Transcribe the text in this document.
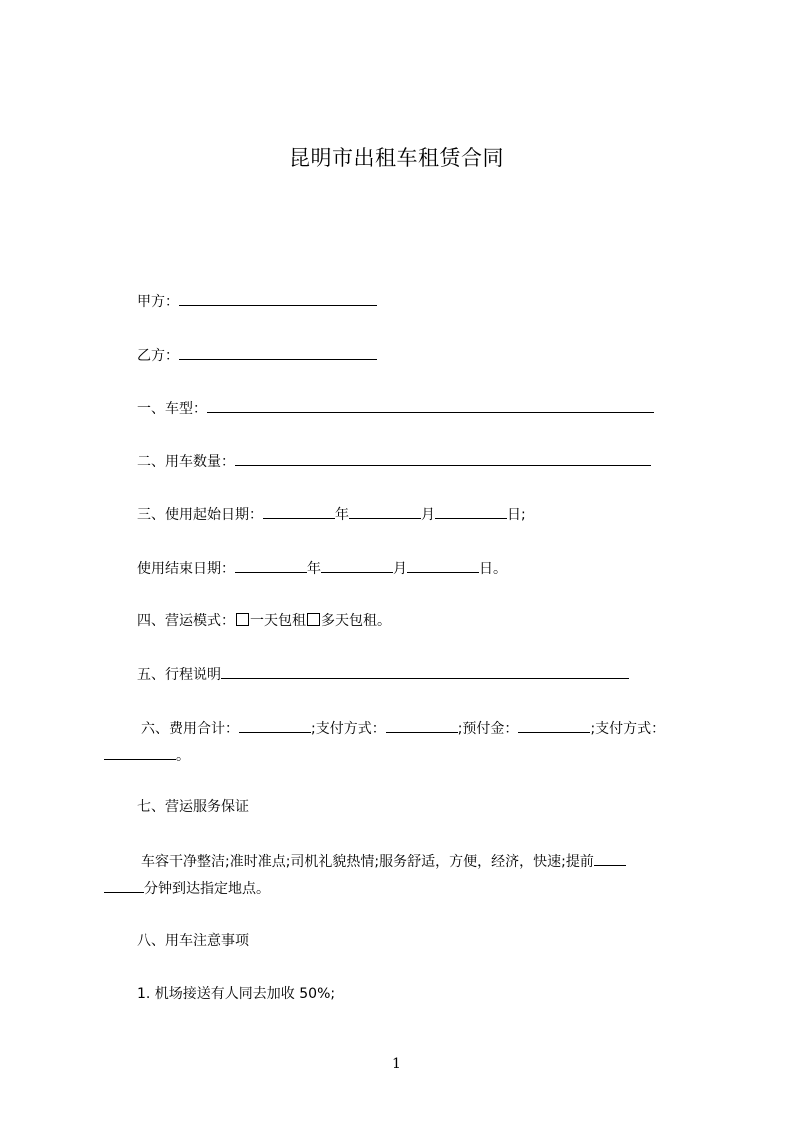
昆明市出租车租赁合同
甲方：
乙方：
一、车型：
二、用车数量：
三、使用起始日期：	年	月	日;
使用结束日期：	年	月	日。
四、营运模式： 一天包租 多天包租。
五、行程说明
六、费用合计：	;支付方式：	;预付金：	;支付方式：
。
七、营运服务保证
车容干净整洁;准时准点;司机礼貌热情;服务舒适，方便，经济，快速;提前
分钟到达指定地点。
八、用车注意事项
1. 机场接送有人同去加收 50%;
1
